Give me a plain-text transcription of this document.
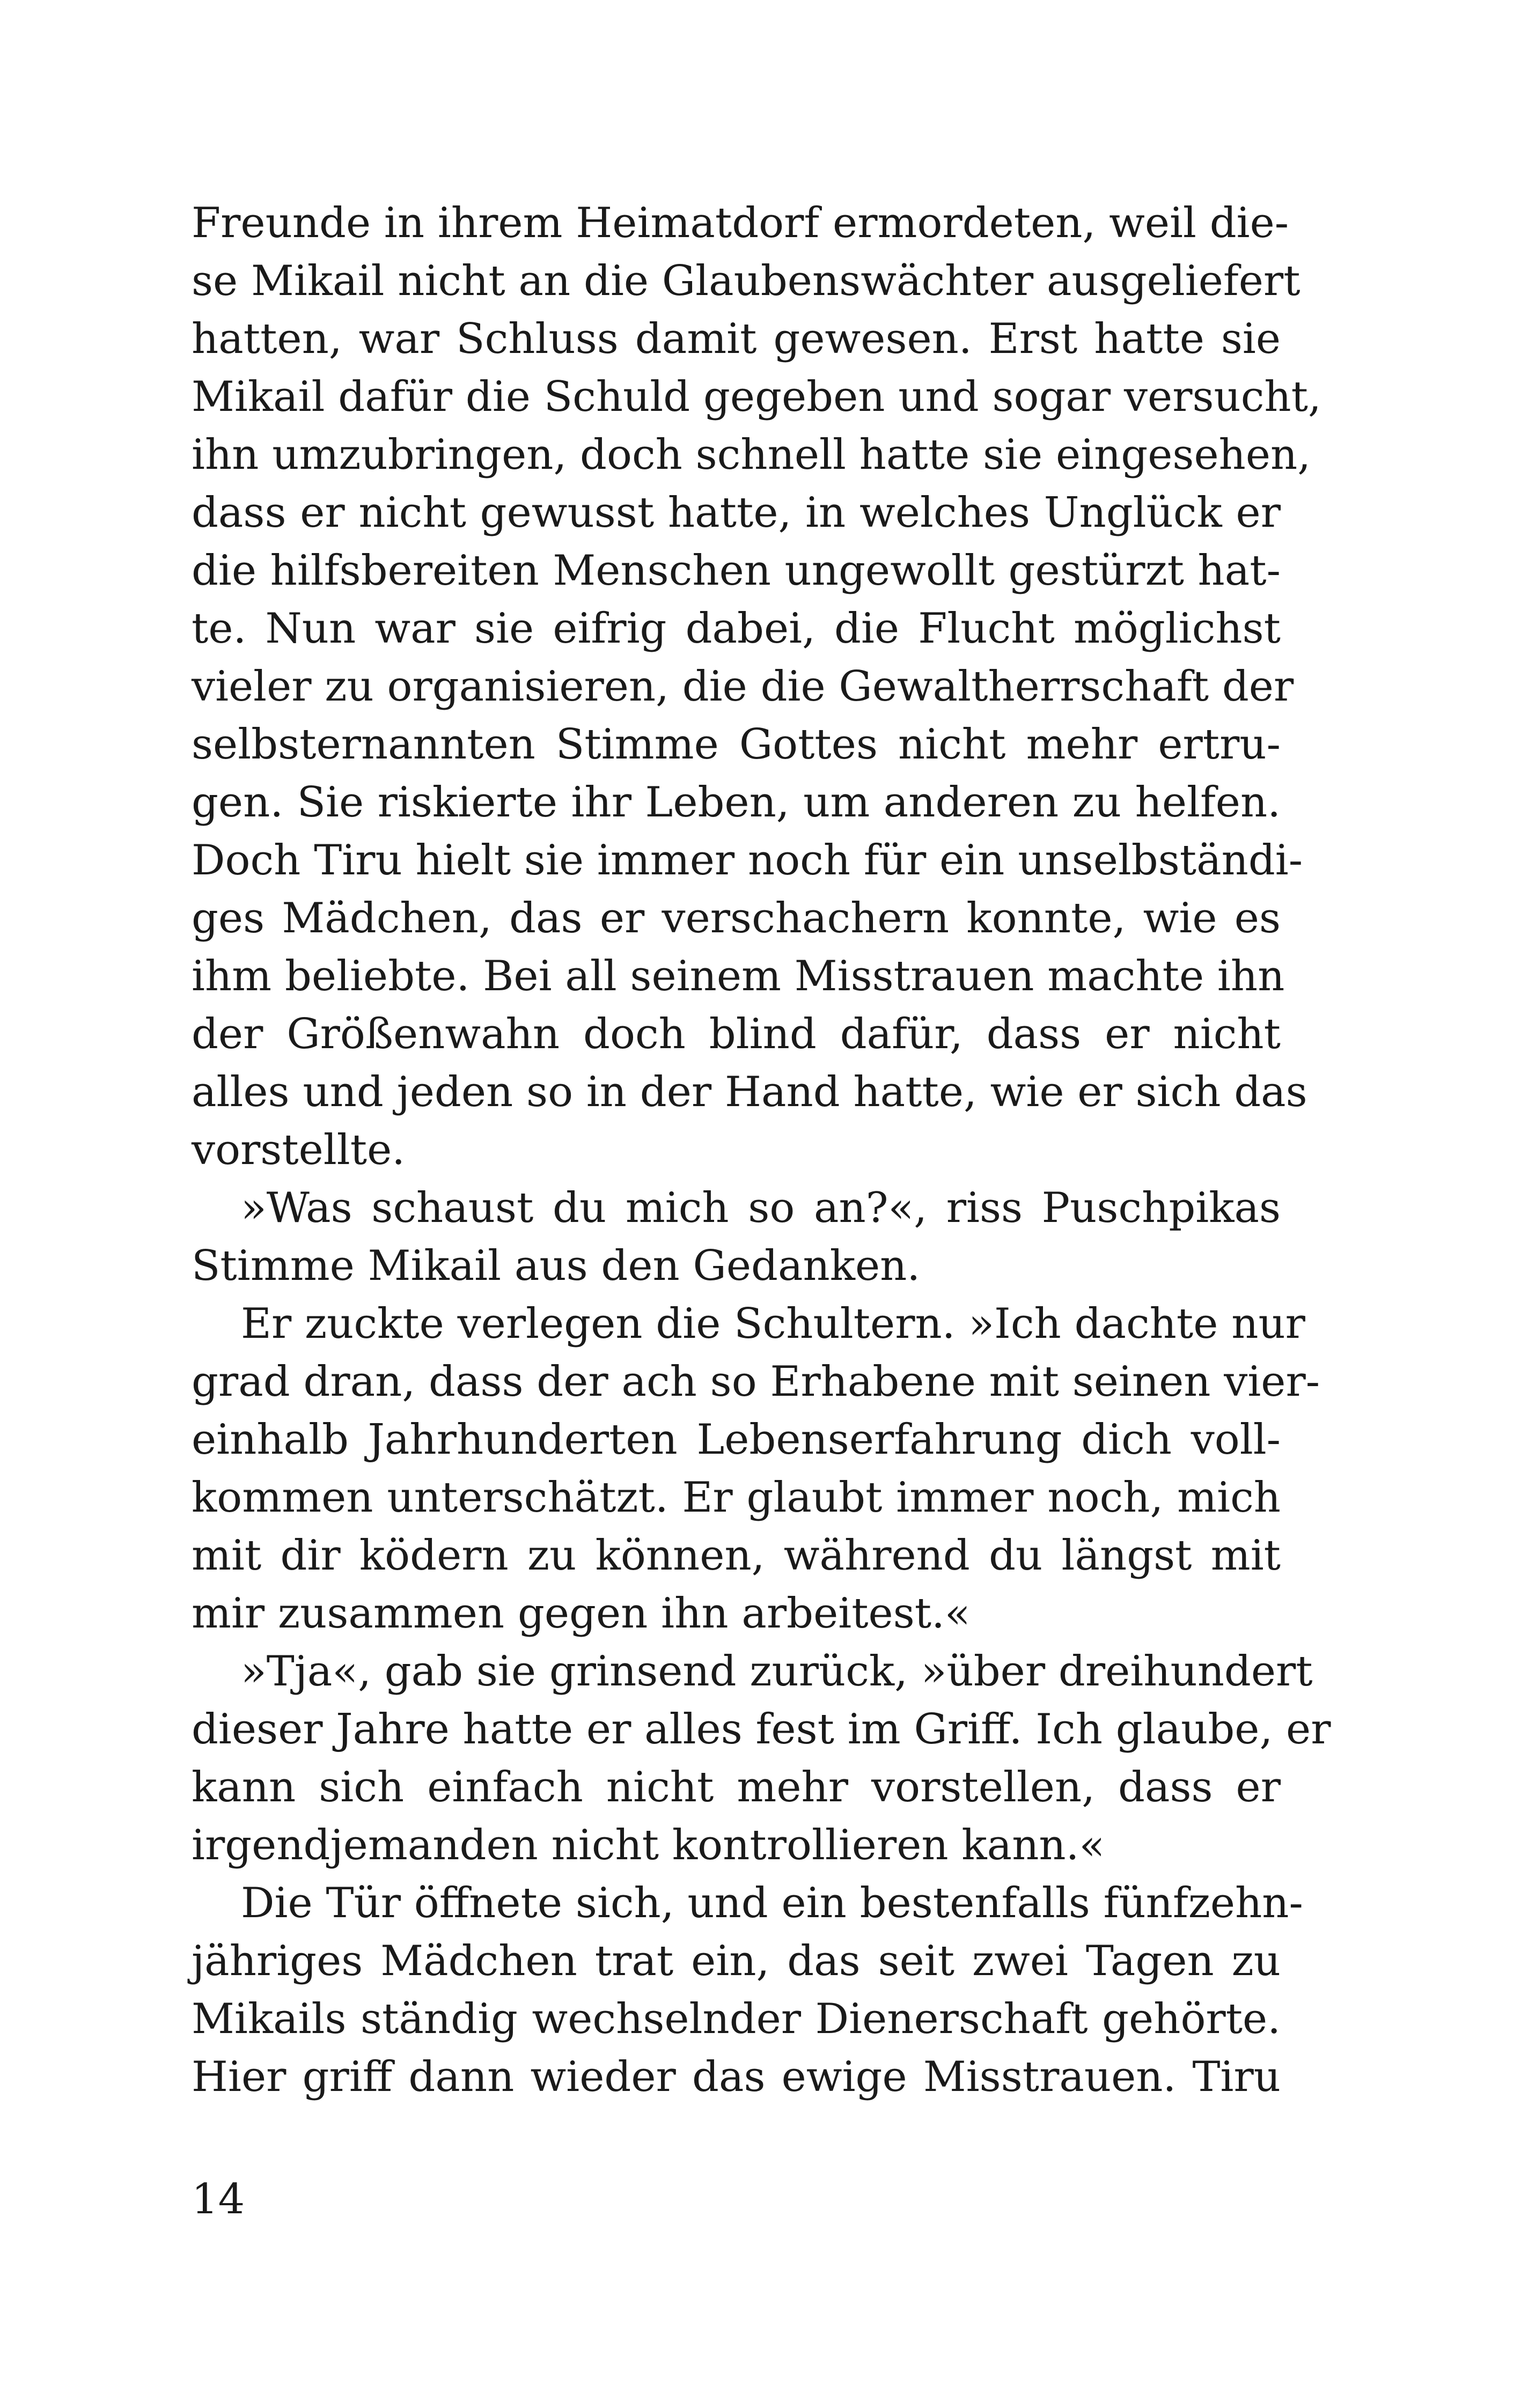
Freunde in ihrem Heimatdorf ermordeten, weil die-
se Mikail nicht an die Glaubenswächter ausgeliefert
hatten, war Schluss damit gewesen. Erst hatte sie
Mikail dafür die Schuld gegeben und sogar versucht,
ihn umzubringen, doch schnell hatte sie eingesehen,
dass er nicht gewusst hatte, in welches Unglück er
die hilfsbereiten Menschen ungewollt gestürzt hat-
te. Nun war sie eifrig dabei, die Flucht möglichst
vieler zu organisieren, die die Gewaltherrschaft der
selbsternannten Stimme Gottes nicht mehr ertru-
gen. Sie riskierte ihr Leben, um anderen zu helfen.
Doch Tiru hielt sie immer noch für ein unselbständi-
ges Mädchen, das er verschachern konnte, wie es
ihm beliebte. Bei all seinem Misstrauen machte ihn
der Größenwahn doch blind dafür, dass er nicht
alles und jeden so in der Hand hatte, wie er sich das
vorstellte.
»Was schaust du mich so an?«, riss Puschpikas
Stimme Mikail aus den Gedanken.
Er zuckte verlegen die Schultern. »Ich dachte nur
grad dran, dass der ach so Erhabene mit seinen vier-
einhalb Jahrhunderten Lebenserfahrung dich voll-
kommen unterschätzt. Er glaubt immer noch, mich
mit dir ködern zu können, während du längst mit
mir zusammen gegen ihn arbeitest.«
»Tja«, gab sie grinsend zurück, »über dreihundert
dieser Jahre hatte er alles fest im Griff. Ich glaube, er
kann sich einfach nicht mehr vorstellen, dass er
irgendjemanden nicht kontrollieren kann.«
Die Tür öffnete sich, und ein bestenfalls fünfzehn-
jähriges Mädchen trat ein, das seit zwei Tagen zu
Mikails ständig wechselnder Dienerschaft gehörte.
Hier griff dann wieder das ewige Misstrauen. Tiru
14
